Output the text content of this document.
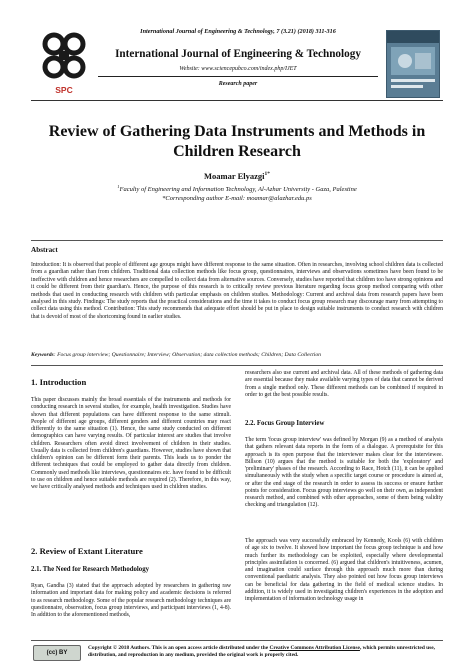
SPC
International Journal of Engineering & Technology, 7 (3.21) (2018) 311-316
International Journal of Engineering & Technology
Website: www.sciencepubco.com/index.php/IJET
Research paper
Review of Gathering Data Instruments and Methods in Children Research
Moamar Elyazgi$^{1*}$
$^1$Faculty of Engineering and Information Technology, Al-Azhar University - Gaza, Palestine
*Corresponding author E-mail: moamar@alazhar.edu.ps
Abstract
Introduction: It is observed that people of different age groups might have different response to the same situation. Often in researches, involving school children data is collected from a guardian rather than from children. Traditional data collection methods like focus group, questionnaires, interviews and observations sometimes have been found to be ineffective with children and hence researchers are compelled to collect data from alternative sources. Conversely, studies have reported that children too have strong opinions and it could be different from their guardian's. Hence, the purpose of this research is to critically review previous literature regarding focus group method comparing with other methods that used in conducting research with children with particular emphasis on children studies. Methodology: Current and archival data from research papers have been analysed in this study. Findings: The study reports that the practical considerations and the time it takes to conduct focus group research may discourage many from attempting to collect data using this method. Contribution: This study recommends that adequate effort should be put in place to design suitable instruments to conduct research with children that is devoid of most of the shortcoming found in earlier studies.
Keywords: Focus group interview; Questionnaire; Interview; Observation; data collection methods; Children; Data Collection
1. Introduction
This paper discusses mainly the broad essentials of the instruments and methods for conducting research in several studies, for example, health investigation. Studies have shown that different populations can have different response to the same stimuli. People of different age groups, different genders and different countries may react differently to the same situation (1). Hence, the same study conducted on different demographics can have varying results. Of particular interest are studies that involve children. Researchers often avoid direct involvement of children in their studies. Usually data is collected from children's guardians. However, studies have shown that children's opinion can be different form their parents. This leads us to ponder the different techniques that could be employed to gather data directly from children. Commonly used methods like interviews, questionnaires etc. have found to be difficult to use on children and hence suitable methods are required (2). Therefore, in this way, we have critically analysed methods and techniques used in children studies.
2. Review of Extant Literature
2.1. The Need for Research Methodology
Ryan, Gandha (3) stated that the approach adopted by researchers in gathering raw information and important data for making policy and academic decisions is referred to as research methodology. Some of the popular research methodology techniques are questionnaire, observation, focus group interviews, and participant interviews (1, 4-8). In addition to the aforementioned methods,
researchers also use current and archival data. All of these methods of gathering data are essential because they make available varying types of data that cannot be derived from a single method only. These different methods can be combined if required in order to get the best possible results.
2.2. Focus Group Interview
The term 'focus group interview' was defined by Morgan (9) as a method of analysis that gathers relevant data reports in the form of a dialogue. A prerequisite for this approach is its open purpose that the interviewer makes clear for the interviewee. Billson (10) argues that the method is suitable for both the 'exploratory' and 'preliminary' phases of the research. According to Race, Hotch (11), it can be applied simultaneously with the study when a specific target course or procedure is aimed at, or after the end stage of the research in order to assess its success or ensure further points for consideration. Focus group interviews go well on their own, as independent research method, and combined with other approaches, some of them being validity checking and triangulation (12).
The approach was very successfully embraced by Kennedy, Kools (6) with children of age six to twelve. It showed how important the focus group technique is and how much further its methodology can be exploited, especially where developmental principles assimilation is concerned. (6) argued that children's intuitiveness, acumen, and imagination could surface through this approach much more than during conventional paediatric analysis. They also pointed out how focus group interviews can be beneficial for data gathering in the field of medical science studies. In addition, it is widely used in investigating children's experiences in the adoption and implementation of information technology usage in
(cc) BY
Copyright © 2018 Authors. This is an open access article distributed under the Creative Commons Attribution License, which permits unrestricted use, distribution, and reproduction in any medium, provided the original work is properly cited.
